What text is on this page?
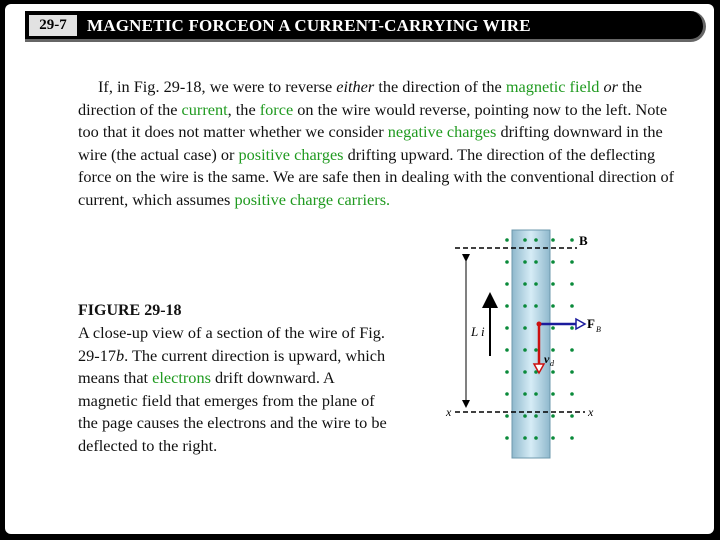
29-7	MAGNETIC FORCEON A CURRENT-CARRYING WIRE
If, in Fig. 29-18, we were to reverse either the direction of the magnetic field or the direction of the current, the force on the wire would reverse, pointing now to the left. Note too that it does not matter whether we consider negative charges drifting downward in the wire (the actual case) or positive charges drifting upward. The direction of the deflecting force on the wire is the same. We are safe then in dealing with the conventional direction of current, which assumes positive charge carriers.
FIGURE 29-18
A close-up view of a section of the wire of Fig. 29-17b. The current direction is upward, which means that electrons drift downward. A magnetic field that emerges from the plane of the page causes the electrons and the wire to be deflected to the right.
B
F B
L i
v d
x	x
